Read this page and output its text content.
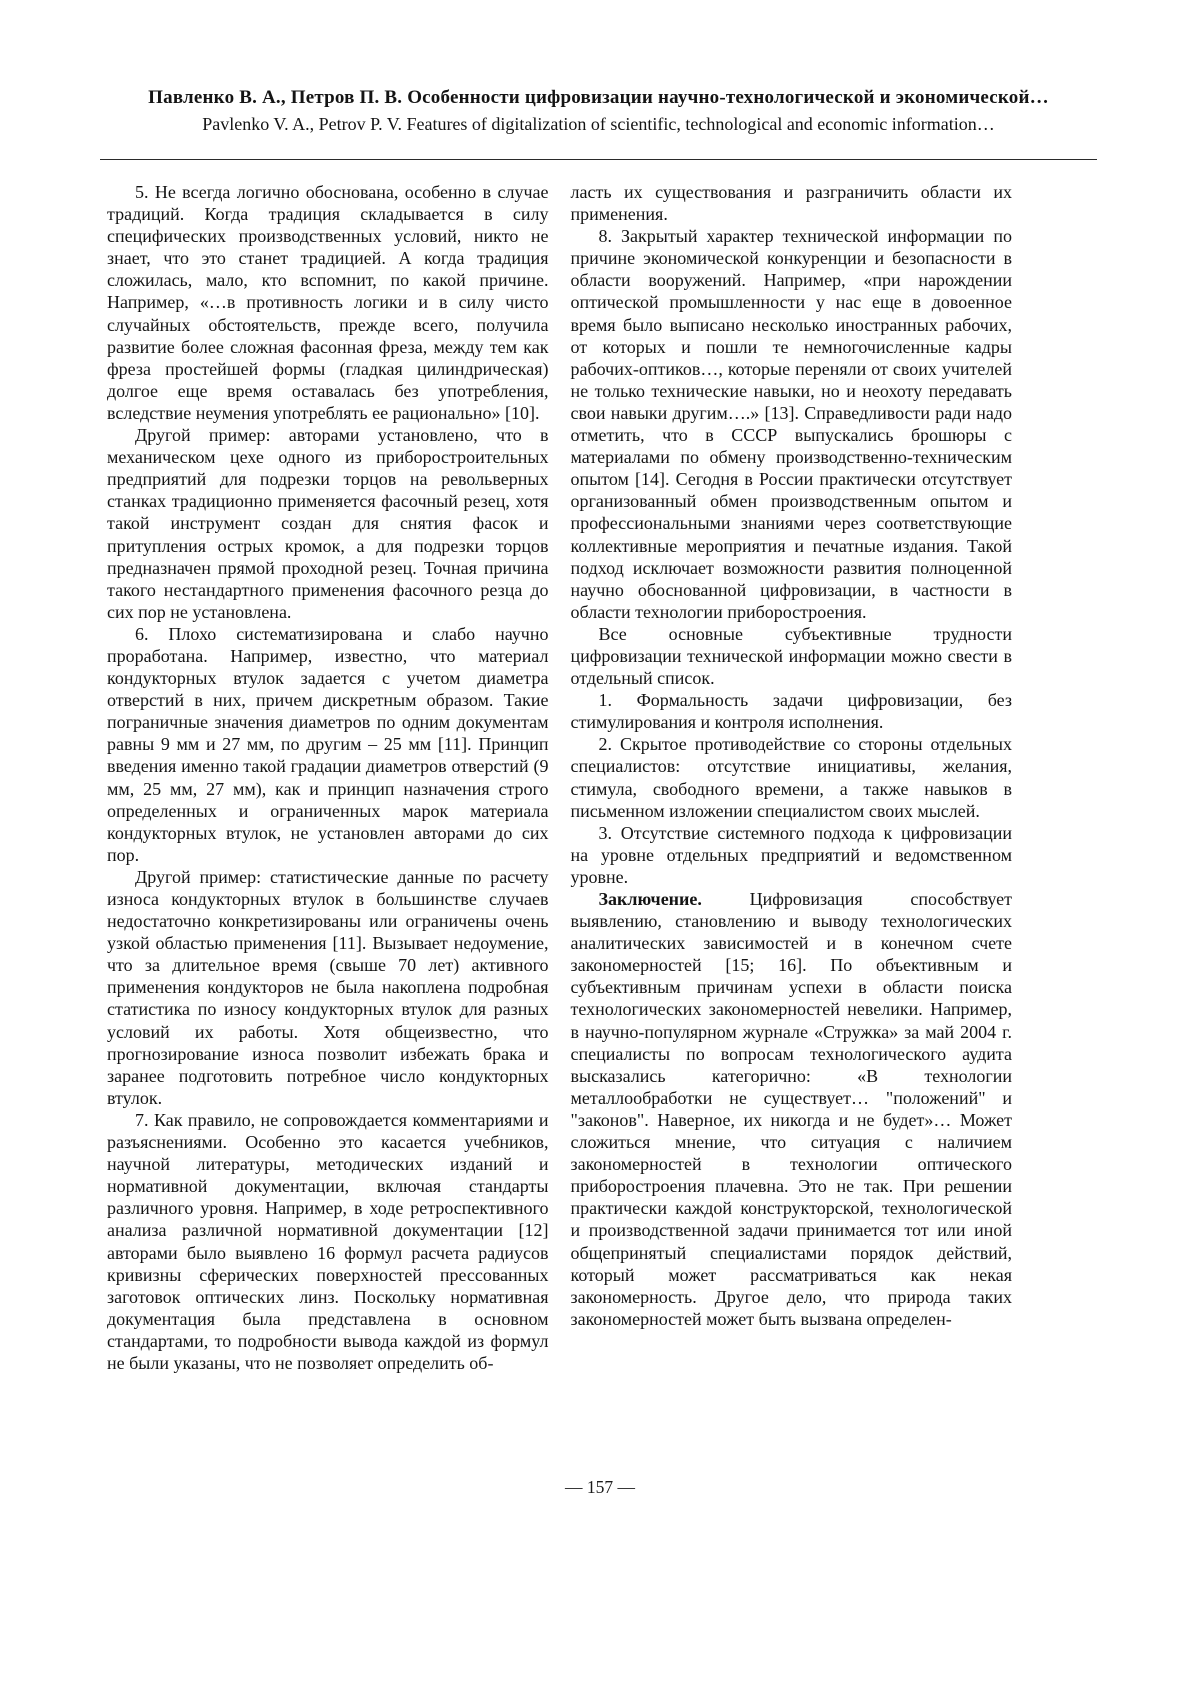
Павленко В. А., Петров П. В. Особенности цифровизации научно-технологической и экономической…
Pavlenko V. A., Petrov P. V. Features of digitalization of scientific, technological and economic information…

5. Не всегда логично обоснована, особенно в случае традиций. Когда традиция складывается в силу специфических производственных условий, никто не знает, что это станет традицией. А когда традиция сложилась, мало, кто вспомнит, по какой причине. Например, «…в противность логики и в силу чисто случайных обстоятельств, прежде всего, получила развитие более сложная фасонная фреза, между тем как фреза простейшей формы (гладкая цилиндрическая) долгое еще время оставалась без употребления, вследствие неумения употреблять ее рационально» [10].

Другой пример: авторами установлено, что в механическом цехе одного из приборостроительных предприятий для подрезки торцов на револьверных станках традиционно применяется фасочный резец, хотя такой инструмент создан для снятия фасок и притупления острых кромок, а для подрезки торцов предназначен прямой проходной резец. Точная причина такого нестандартного применения фасочного резца до сих пор не установлена.

6. Плохо систематизирована и слабо научно проработана. Например, известно, что материал кондукторных втулок задается с учетом диаметра отверстий в них, причем дискретным образом. Такие пограничные значения диаметров по одним документам равны 9 мм и 27 мм, по другим – 25 мм [11]. Принцип введения именно такой градации диаметров отверстий (9 мм, 25 мм, 27 мм), как и принцип назначения строго определенных и ограниченных марок материала кондукторных втулок, не установлен авторами до сих пор.

Другой пример: статистические данные по расчету износа кондукторных втулок в большинстве случаев недостаточно конкретизированы или ограничены очень узкой областью применения [11]. Вызывает недоумение, что за длительное время (свыше 70 лет) активного применения кондукторов не была накоплена подробная статистика по износу кондукторных втулок для разных условий их работы. Хотя общеизвестно, что прогнозирование износа позволит избежать брака и заранее подготовить потребное число кондукторных втулок.

7. Как правило, не сопровождается комментариями и разъяснениями. Особенно это касается учебников, научной литературы, методических изданий и нормативной документации, включая стандарты различного уровня. Например, в ходе ретроспективного анализа различной нормативной документации [12] авторами было выявлено 16 формул расчета радиусов кривизны сферических поверхностей прессованных заготовок оптических линз. Поскольку нормативная документация была представлена в основном стандартами, то подробности вывода каждой из формул не были указаны, что не позволяет определить об-

ласть их существования и разграничить области их применения.

8. Закрытый характер технической информации по причине экономической конкуренции и безопасности в области вооружений. Например, «при нарождении оптической промышленности у нас еще в довоенное время было выписано несколько иностранных рабочих, от которых и пошли те немногочисленные кадры рабочих-оптиков…, которые переняли от своих учителей не только технические навыки, но и неохоту передавать свои навыки другим….» [13]. Справедливости ради надо отметить, что в СССР выпускались брошюры с материалами по обмену производственно-техническим опытом [14]. Сегодня в России практически отсутствует организованный обмен производственным опытом и профессиональными знаниями через соответствующие коллективные мероприятия и печатные издания. Такой подход исключает возможности развития полноценной научно обоснованной цифровизации, в частности в области технологии приборостроения.

Все основные субъективные трудности цифровизации технической информации можно свести в отдельный список.

1. Формальность задачи цифровизации, без стимулирования и контроля исполнения.

2. Скрытое противодействие со стороны отдельных специалистов: отсутствие инициативы, желания, стимула, свободного времени, а также навыков в письменном изложении специалистом своих мыслей.

3. Отсутствие системного подхода к цифровизации на уровне отдельных предприятий и ведомственном уровне.

Заключение. Цифровизация способствует выявлению, становлению и выводу технологических аналитических зависимостей и в конечном счете закономерностей [15; 16]. По объективным и субъективным причинам успехи в области поиска технологических закономерностей невелики. Например, в научно-популярном журнале «Стружка» за май 2004 г. специалисты по вопросам технологического аудита высказались категорично: «В технологии металлообработки не существует… "положений" и "законов". Наверное, их никогда и не будет»… Может сложиться мнение, что ситуация с наличием закономерностей в технологии оптического приборостроения плачевна. Это не так. При решении практически каждой конструкторской, технологической и производственной задачи принимается тот или иной общепринятый специалистами порядок действий, который может рассматриваться как некая закономерность. Другое дело, что природа таких закономерностей может быть вызвана определен-

— 157 —
